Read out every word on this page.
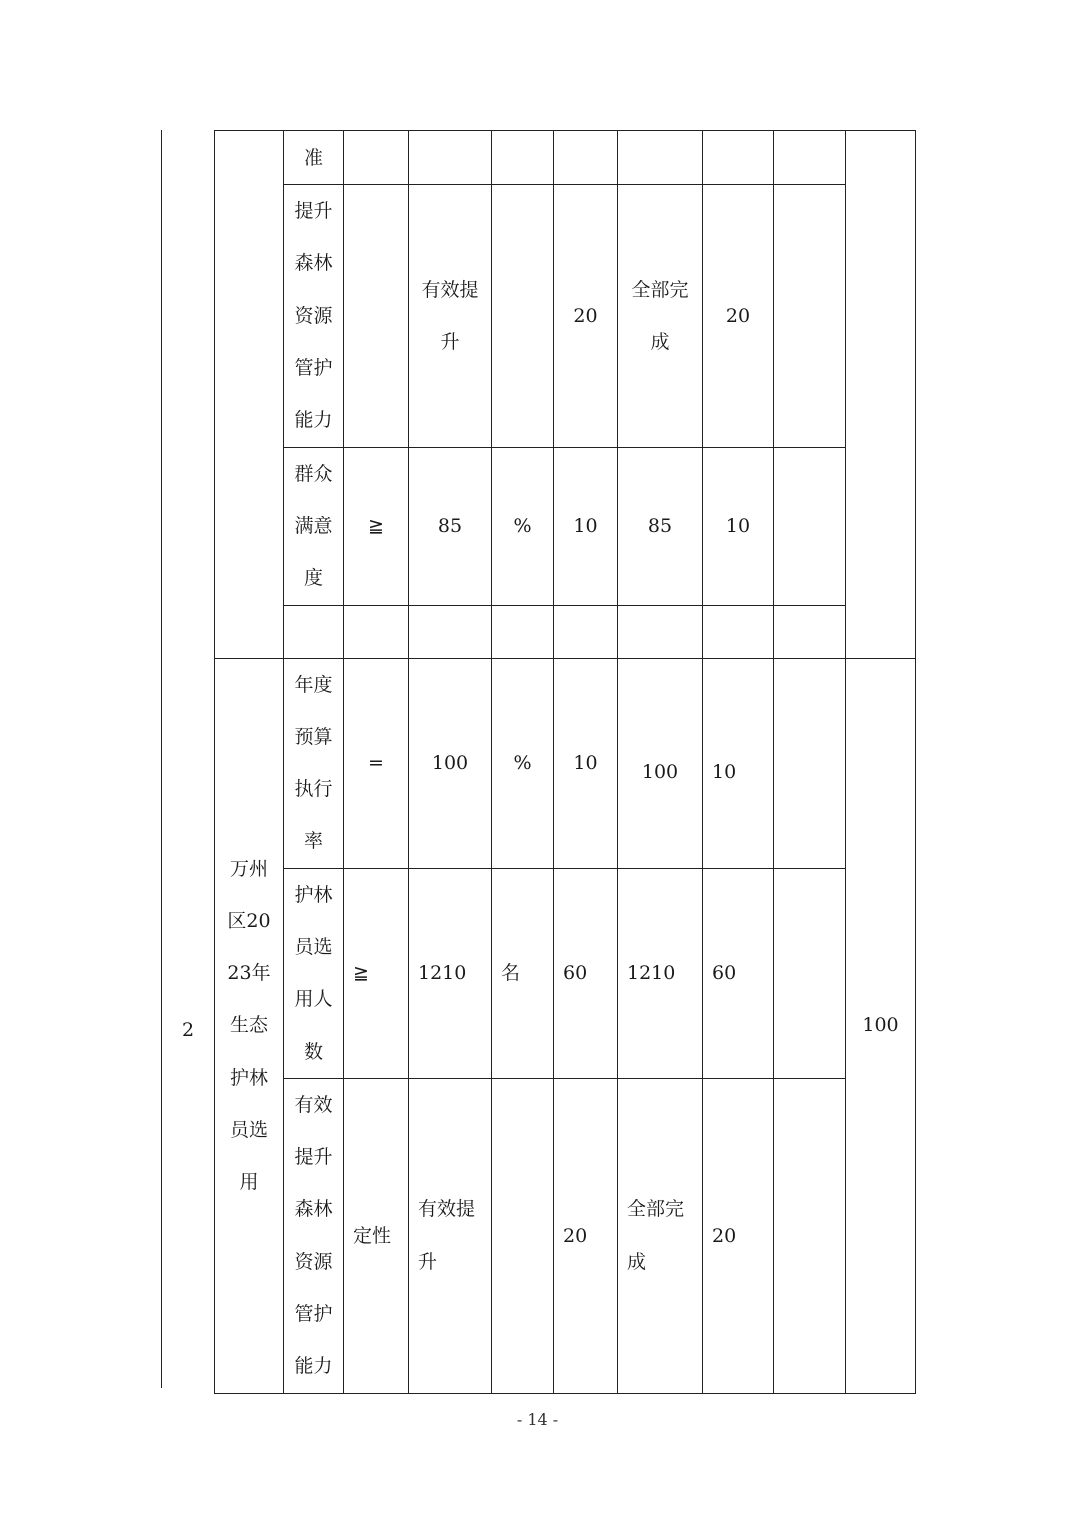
2
	准								
	提升森林资源管护能力		有效提升		20	全部完成	20		
	群众满意度	≧	85	%	10	85	10		

万州区2023年生态护林员选用	年度预算执行率	=	100	%	10	100	10		100
	护林员选用人数	≧	1210	名	60	1210	60		
	有效提升森林资源管护能力	定性	有效提升		20	全部完成	20		
- 14 -
